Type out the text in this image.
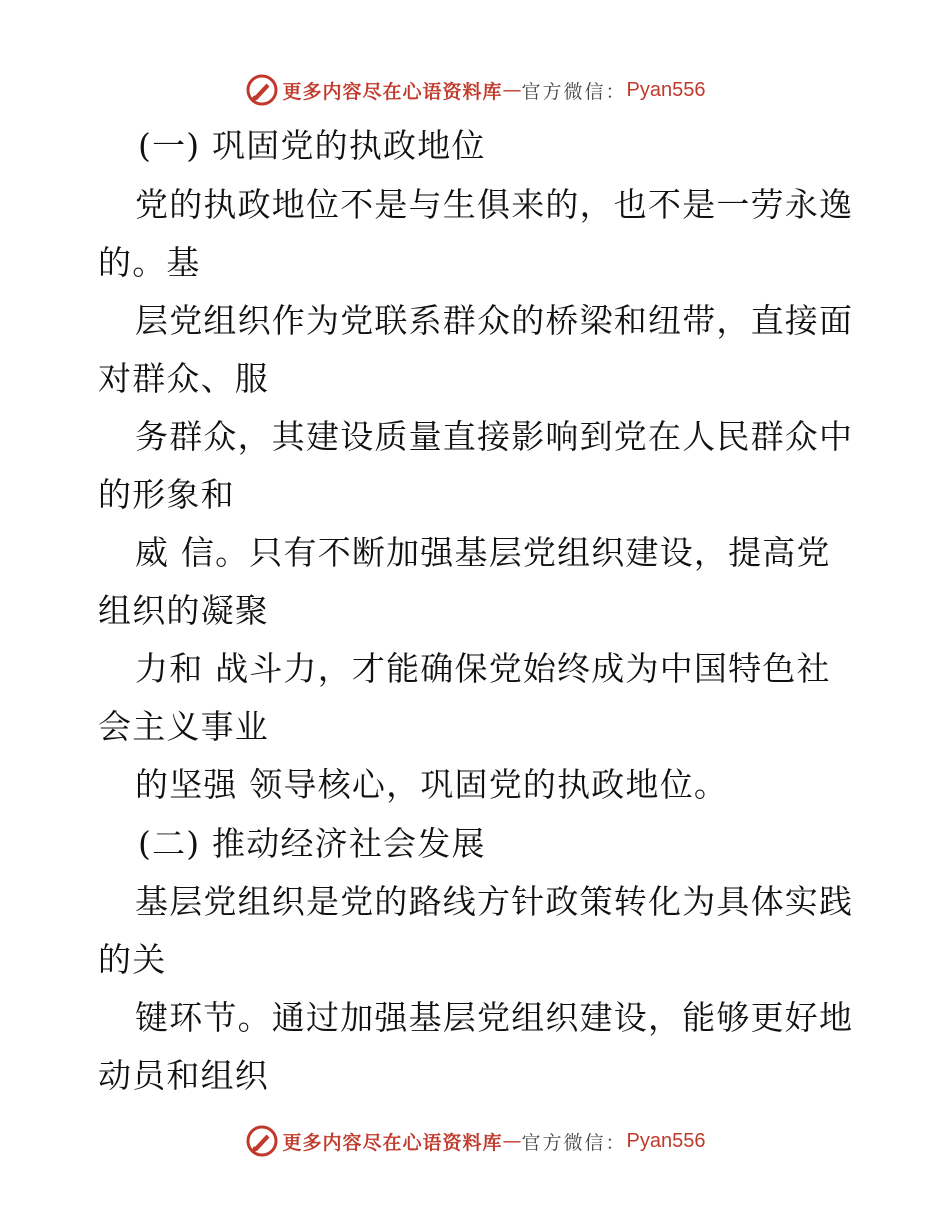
更多内容尽在心语资料库 — 官方微信： Pyan556
(一) 巩固党的执政地位
党的执政地位不是与生俱来的，也不是一劳永逸
的。基
层党组织作为党联系群众的桥梁和纽带，直接面
对群众、服
务群众，其建设质量直接影响到党在人民群众中
的形象和
威 信。只有不断加强基层党组织建设，提高党
组织的凝聚
力和 战斗力，才能确保党始终成为中国特色社
会主义事业
的坚强 领导核心，巩固党的执政地位。
(二) 推动经济社会发展
基层党组织是党的路线方针政策转化为具体实践
的关
键环节。通过加强基层党组织建设，能够更好地
动员和组织
更多内容尽在心语资料库 — 官方微信： Pyan556
